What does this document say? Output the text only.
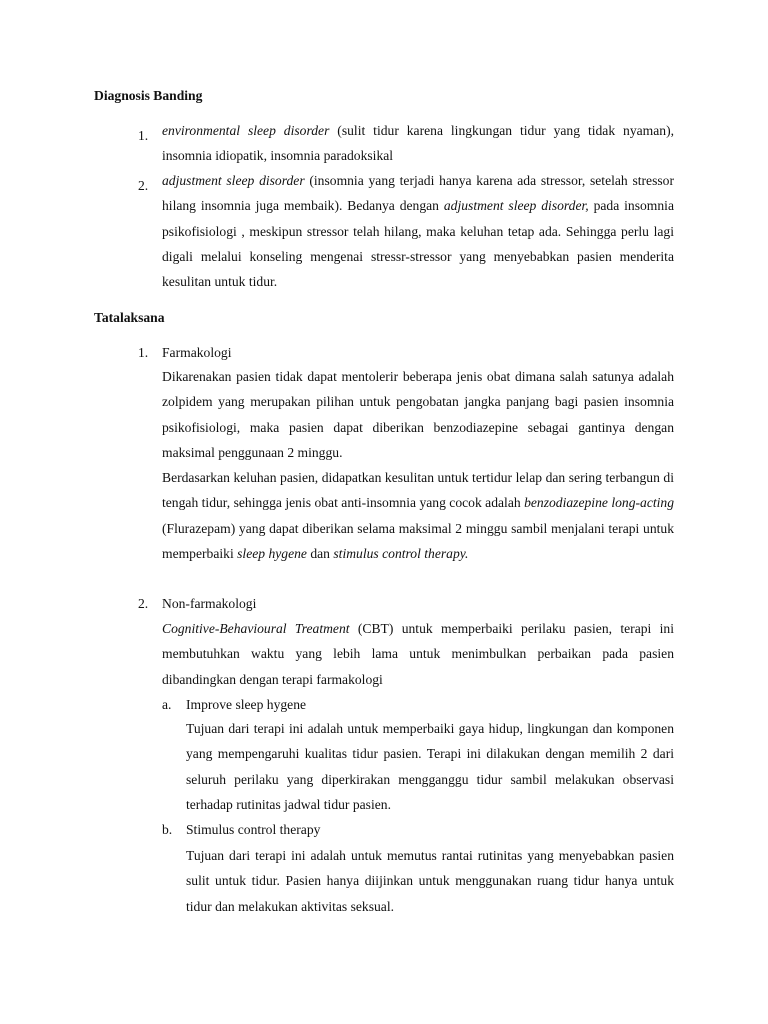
Diagnosis Banding
1.	environmental sleep disorder (sulit tidur karena lingkungan tidur yang tidak nyaman), insomnia idiopatik, insomnia paradoksikal

2.	adjustment sleep disorder (insomnia yang terjadi hanya karena ada stressor, setelah stressor hilang insomnia juga membaik). Bedanya dengan adjustment sleep disorder, pada insomnia psikofisiologi , meskipun stressor telah hilang, maka keluhan tetap ada. Sehingga perlu lagi digali melalui konseling mengenai stressr-stressor yang menyebabkan pasien menderita kesulitan untuk tidur.

Tatalaksana
1.	Farmakologi

Dikarenakan pasien tidak dapat mentolerir beberapa jenis obat dimana salah satunya adalah zolpidem yang merupakan pilihan untuk pengobatan jangka panjang bagi pasien insomnia psikofisiologi, maka pasien dapat diberikan benzodiazepine sebagai gantinya dengan maksimal penggunaan 2 minggu.

Berdasarkan keluhan pasien, didapatkan kesulitan untuk tertidur lelap dan sering terbangun di tengah tidur, sehingga jenis obat anti-insomnia yang cocok adalah benzodiazepine long-acting (Flurazepam) yang dapat diberikan selama maksimal 2 minggu sambil menjalani terapi untuk memperbaiki sleep hygene dan stimulus control therapy.

2.	Non-farmakologi

Cognitive-Behavioural Treatment (CBT) untuk memperbaiki perilaku pasien, terapi ini membutuhkan waktu yang lebih lama untuk menimbulkan perbaikan pada pasien dibandingkan dengan terapi farmakologi

a.	Improve sleep hygene

Tujuan dari terapi ini adalah untuk memperbaiki gaya hidup, lingkungan dan komponen yang mempengaruhi kualitas tidur pasien. Terapi ini dilakukan dengan memilih 2 dari seluruh perilaku yang diperkirakan mengganggu tidur sambil melakukan observasi terhadap rutinitas jadwal tidur pasien.

b.	Stimulus control therapy

Tujuan dari terapi ini adalah untuk memutus rantai rutinitas yang menyebabkan pasien sulit untuk tidur. Pasien hanya diijinkan untuk menggunakan ruang tidur hanya untuk tidur dan melakukan aktivitas seksual.
